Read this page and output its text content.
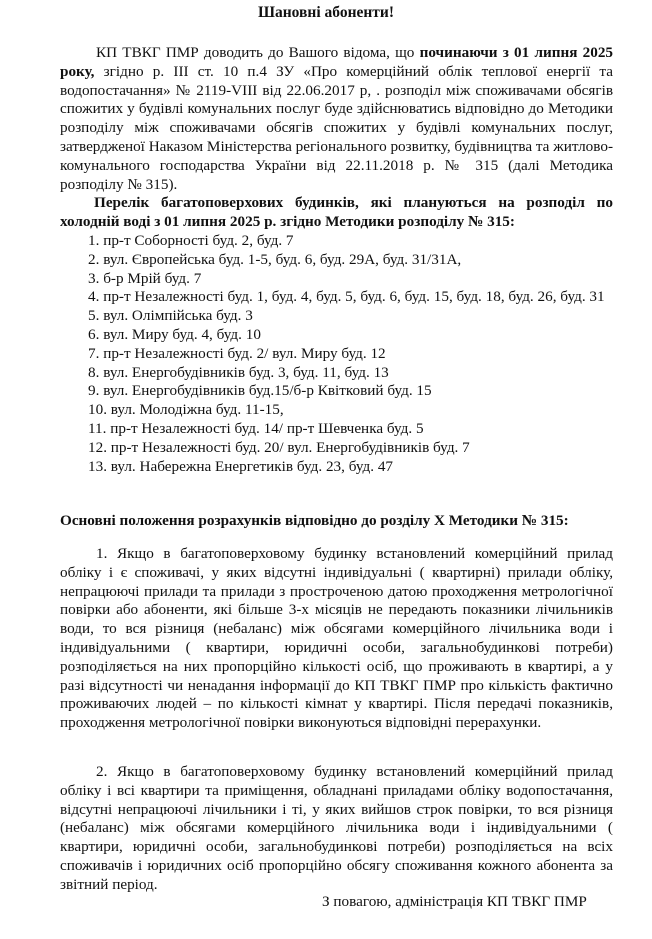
Шановні абоненти!
КП ТВКГ ПМР доводить до Вашого відома, що починаючи з 01 липня 2025 року, згідно р. ІІІ ст. 10 п.4 ЗУ «Про комерційний облік теплової енергії та водопостачання» № 2119-VIII від 22.06.2017 р, . розподіл між споживачами обсягів спожитих у будівлі комунальних послуг буде здійснюватись відповідно до Методики розподілу між споживачами обсягів спожитих у будівлі комунальних послуг, затвердженої Наказом Міністерства регіонального розвитку, будівництва та житлово-комунального господарства України від 22.11.2018 р. № 315 (далі Методика розподілу № 315).
Перелік багатоповерхових будинків, які плануються на розподіл по холодній воді з 01 липня 2025 р. згідно Методики розподілу № 315:
1. пр-т Соборності буд. 2, буд. 7
2. вул. Європейська буд. 1-5, буд. 6, буд. 29А, буд. 31/31А,
3. б-р Мрій буд. 7
4. пр-т Незалежності буд. 1, буд. 4, буд. 5, буд. 6, буд. 15, буд. 18, буд. 26, буд. 31
5. вул. Олімпійська буд. 3
6. вул. Миру буд. 4, буд. 10
7. пр-т Незалежності буд. 2/ вул. Миру буд. 12
8. вул. Енергобудівників буд. 3, буд. 11, буд. 13
9. вул. Енергобудівників буд.15/б-р Квітковий буд. 15
10. вул. Молодіжна буд. 11-15,
11. пр-т Незалежності буд. 14/ пр-т Шевченка буд. 5
12. пр-т Незалежності буд. 20/ вул. Енергобудівників буд. 7
13. вул. Набережна Енергетиків буд. 23, буд. 47
Основні положення розрахунків відповідно до розділу Х Методики № 315:
1. Якщо в багатоповерховому будинку встановлений комерційний прилад обліку і є споживачі, у яких відсутні індивідуальні ( квартирні) прилади обліку, непрацюючі прилади та прилади з простроченою датою проходження метрологічної повірки або абоненти, які більше 3-х місяців не передають показники лічильників води, то вся різниця (небаланс) між обсягами комерційного лічильника води і індивідуальними ( квартири, юридичні особи, загальнобудинкові потреби) розподіляється на них пропорційно кількості осіб, що проживають в квартирі, а у разі відсутності чи ненадання інформації до КП ТВКГ ПМР про кількість фактично проживаючих людей – по кількості кімнат у квартирі. Після передачі показників, проходження метрологічної повірки виконуються відповідні перерахунки.
2. Якщо в багатоповерховому будинку встановлений комерційний прилад обліку і всі квартири та приміщення, обладнані приладами обліку водопостачання, відсутні непрацюючі лічильники і ті, у яких вийшов строк повірки, то вся різниця (небаланс) між обсягами комерційного лічильника води і індивідуальними ( квартири, юридичні особи, загальнобудинкові потреби) розподіляється на всіх споживачів і юридичних осіб пропорційно обсягу споживання кожного абонента за звітний період.
З повагою, адміністрація КП ТВКГ ПМР
